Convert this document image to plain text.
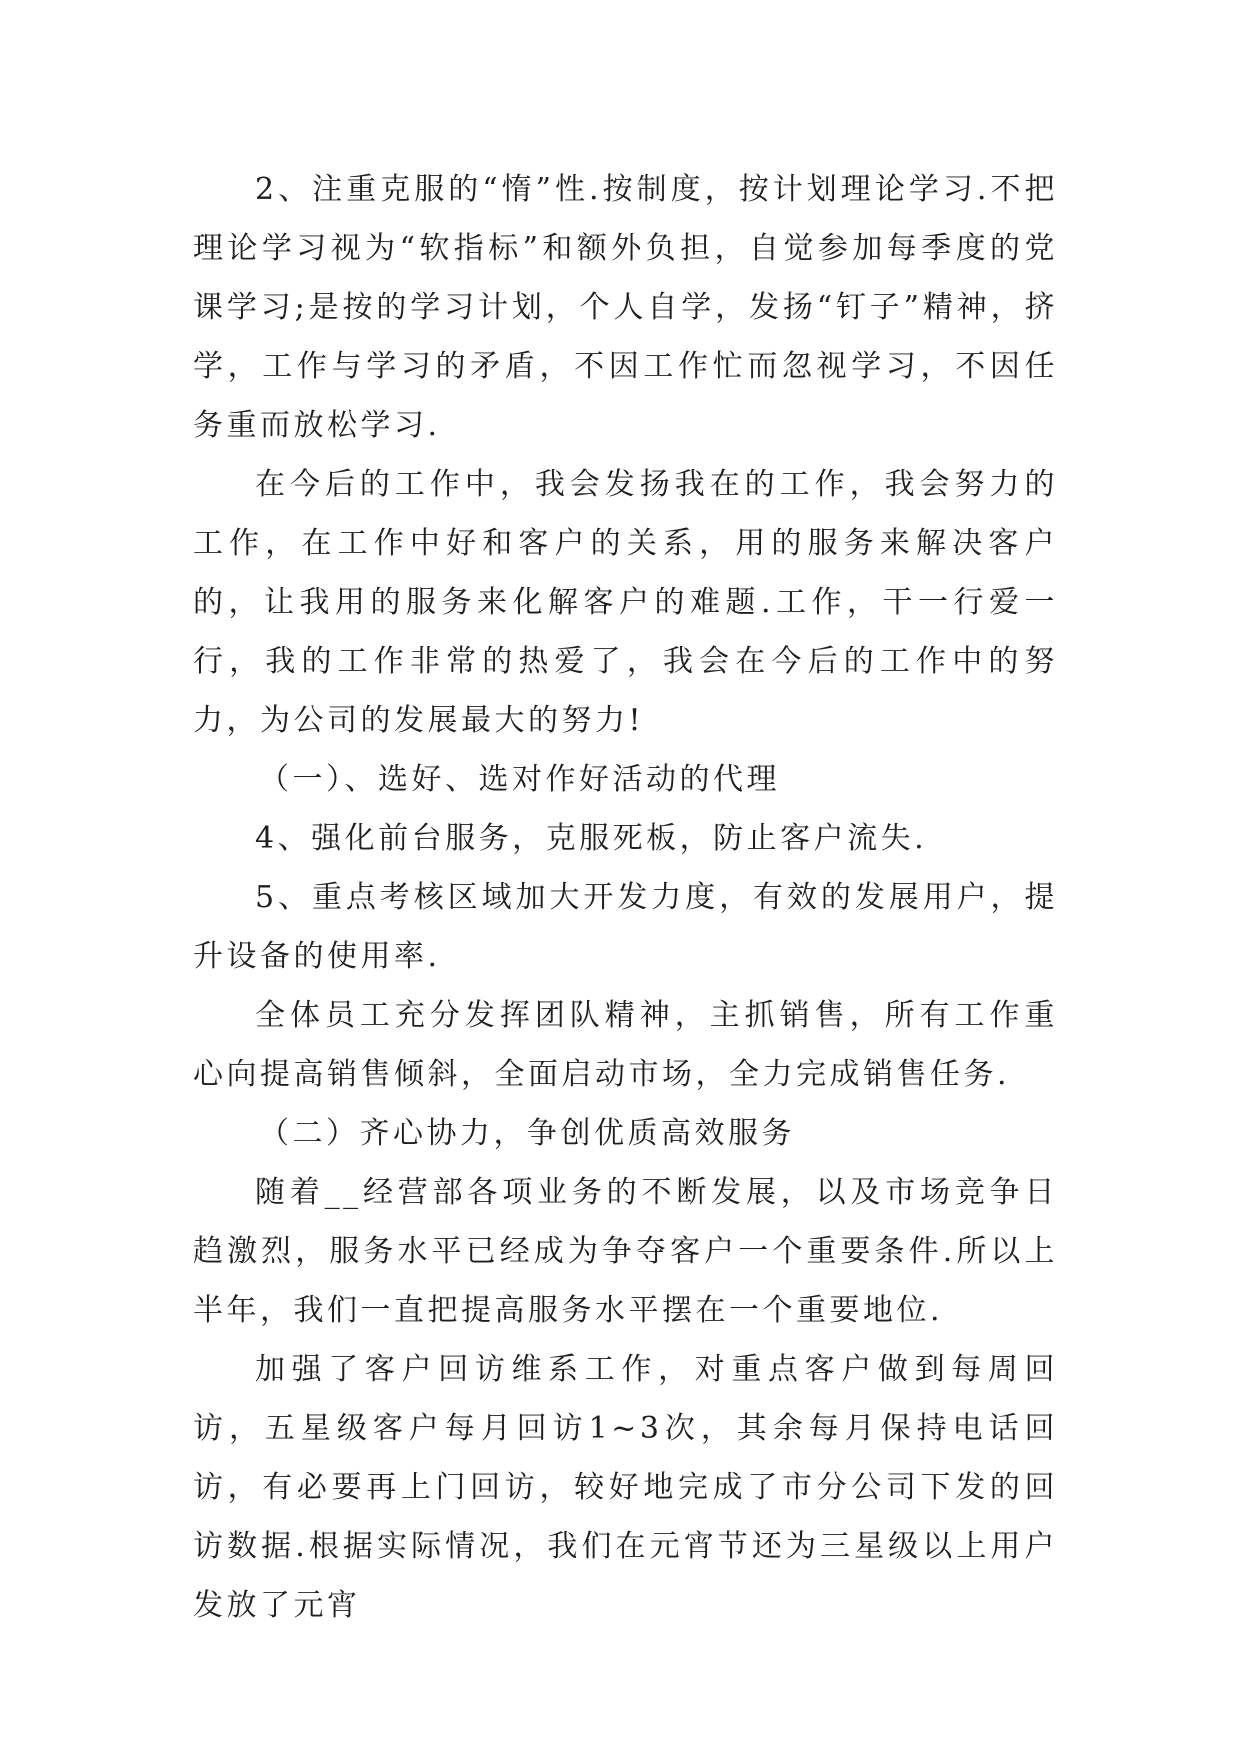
2、注重克服的“惰”性.按制度，按计划理论学习.不把理论学习视为“软指标”和额外负担，自觉参加每季度的党课学习;是按的学习计划，个人自学，发扬“钉子”精神，挤学，工作与学习的矛盾，不因工作忙而忽视学习，不因任务重而放松学习.

在今后的工作中，我会发扬我在的工作，我会努力的工作，在工作中好和客户的关系，用的服务来解决客户的，让我用的服务来化解客户的难题.工作，干一行爱一行，我的工作非常的热爱了，我会在今后的工作中的努力，为公司的发展最大的努力!

（一）、选好、选对作好活动的代理

4、强化前台服务，克服死板，防止客户流失.

5、重点考核区域加大开发力度，有效的发展用户，提升设备的使用率.

全体员工充分发挥团队精神，主抓销售，所有工作重心向提高销售倾斜，全面启动市场，全力完成销售任务.

（二）齐心协力，争创优质高效服务

随着__经营部各项业务的不断发展，以及市场竞争日趋激烈，服务水平已经成为争夺客户一个重要条件.所以上半年，我们一直把提高服务水平摆在一个重要地位.

加强了客户回访维系工作，对重点客户做到每周回访，五星级客户每月回访1~3次，其余每月保持电话回访，有必要再上门回访，较好地完成了市分公司下发的回访数据.根据实际情况，我们在元宵节还为三星级以上用户发放了元宵
